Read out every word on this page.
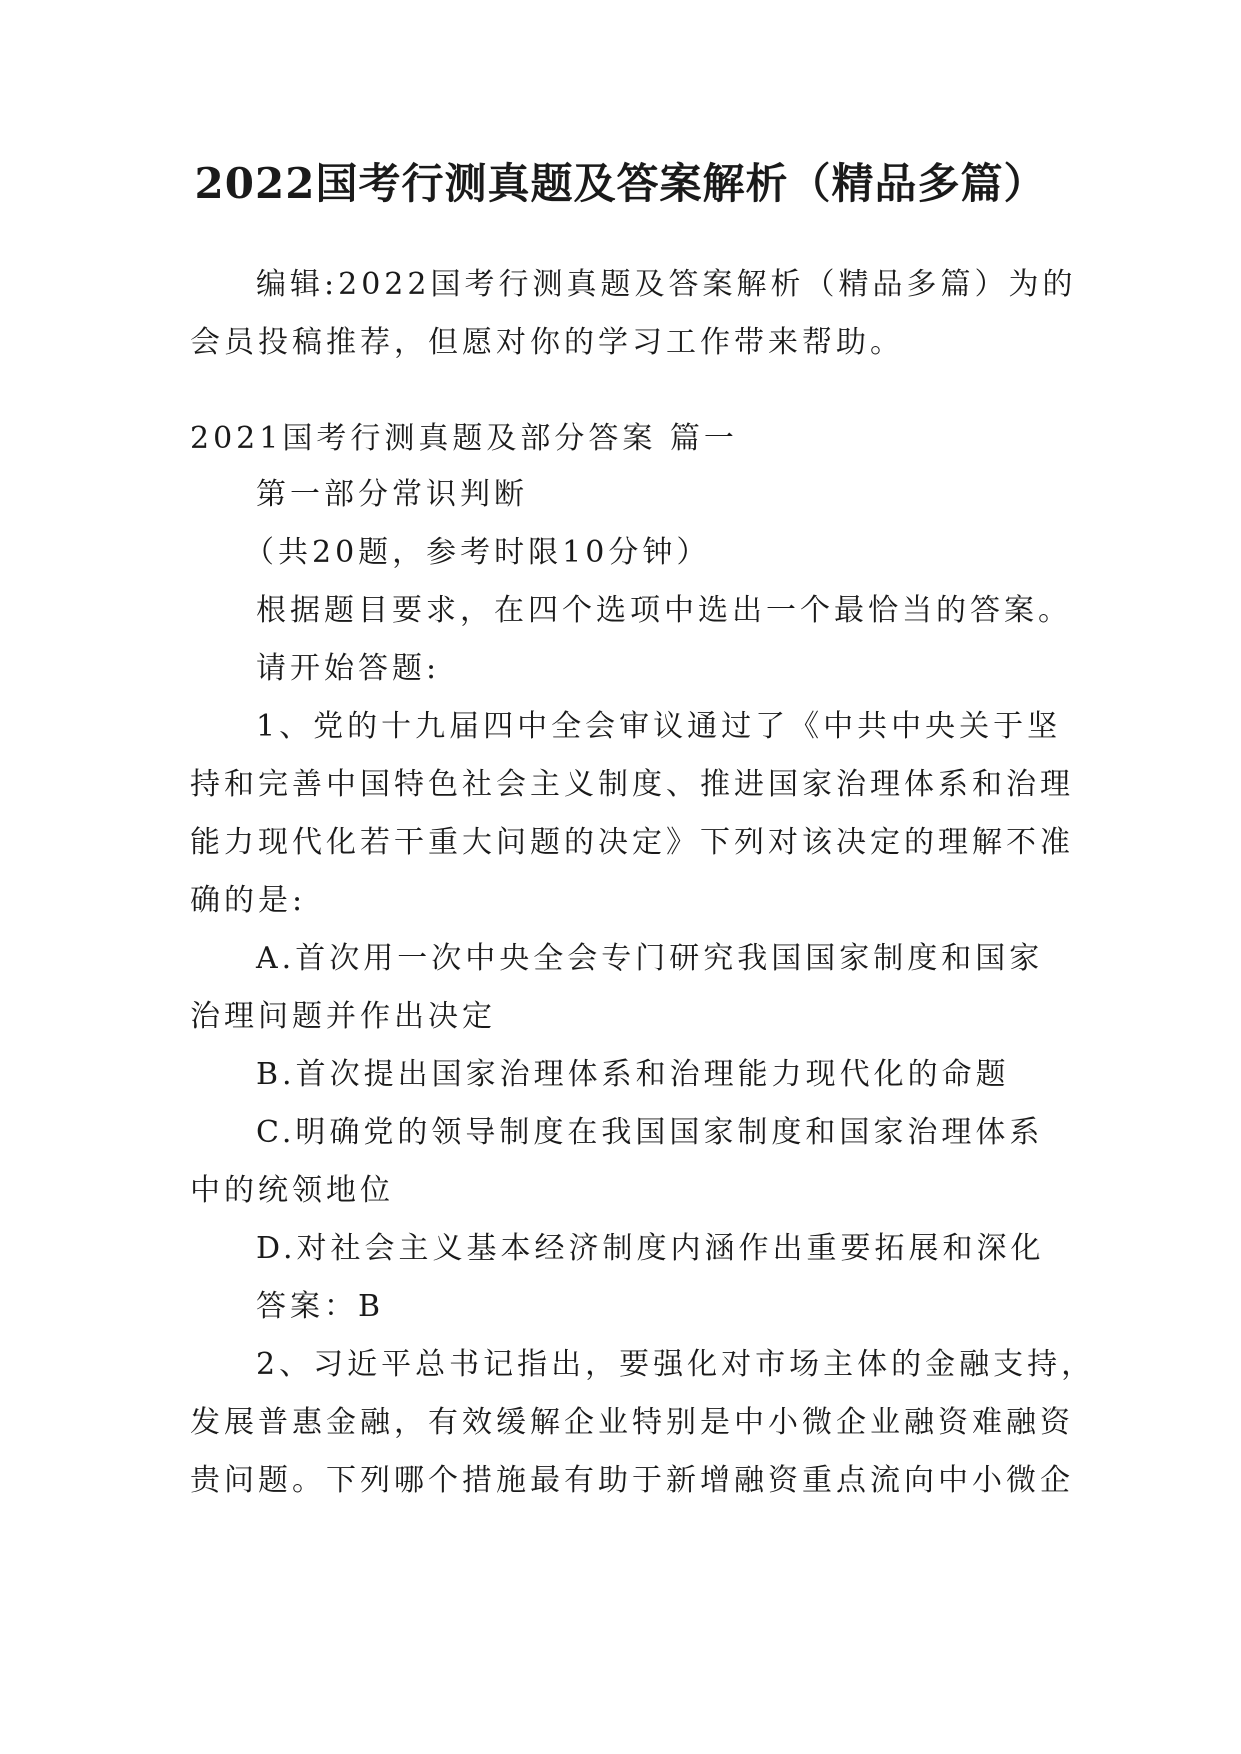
2022国考行测真题及答案解析（精品多篇）
编辑:2022国考行测真题及答案解析（精品多篇）为的
会员投稿推荐，但愿对你的学习工作带来帮助。
2021国考行测真题及部分答案 篇一
第一部分常识判断
（共20题，参考时限10分钟）
根据题目要求，在四个选项中选出一个最恰当的答案。
请开始答题:
1、党的十九届四中全会审议通过了《中共中央关于坚
持和完善中国特色社会主义制度、推进国家治理体系和治理
能力现代化若干重大问题的决定》下列对该决定的理解不准
确的是:
A.首次用一次中央全会专门研究我国国家制度和国家
治理问题并作出决定
B.首次提出国家治理体系和治理能力现代化的命题
C.明确党的领导制度在我国国家制度和国家治理体系
中的统领地位
D.对社会主义基本经济制度内涵作出重要拓展和深化
答案：B
2、习近平总书记指出，要强化对市场主体的金融支持，
发展普惠金融，有效缓解企业特别是中小微企业融资难融资
贵问题。下列哪个措施最有助于新增融资重点流向中小微企
